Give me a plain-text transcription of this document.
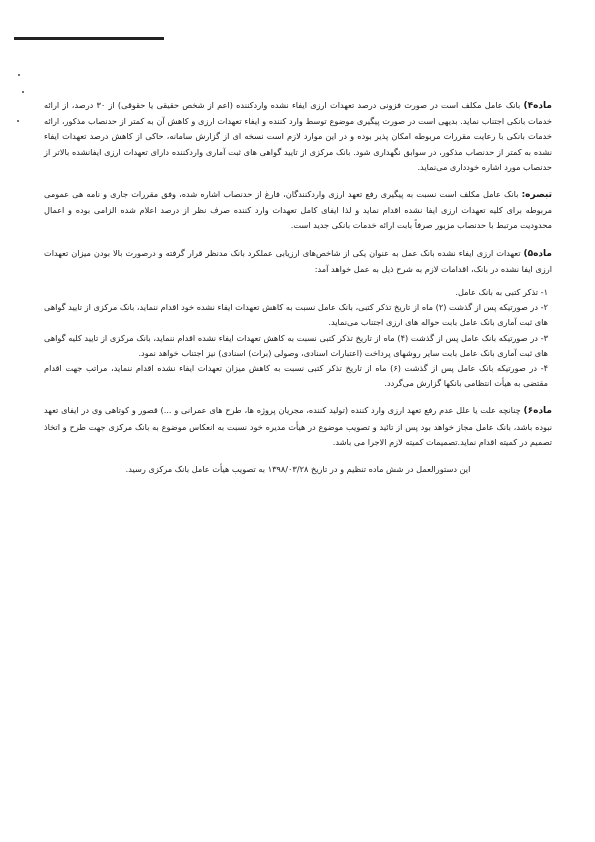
ماده۴) بانک عامل مکلف است در صورت فزونی درصد تعهدات ارزی ایفاء نشده واردکننده (اعم از شخص حقیقی یا حقوقی) از ۳۰ درصد، از ارائه خدمات بانکی اجتناب نماید. بدیهی است در صورت پیگیری موضوع توسط وارد کننده و ایفاء تعهدات ارزی و کاهش آن به کمتر از حدنصاب مذکور، ارائه خدمات بانکی با رعایت مقررات مربوطه امکان پذیر بوده و در این موارد لازم است نسخه ای از گزارش سامانه، حاکی از کاهش درصد تعهدات ایفاء نشده به کمتر از حدنصاب مذکور، در سوابق نگهداری شود. بانک مرکزی از تایید گواهی های ثبت آماری واردکننده دارای تعهدات ارزی ایفانشده بالاتر از حدنصاب مورد اشاره خودداری می‌نماید.

تبصره: بانک عامل مکلف است نسبت به پیگیری رفع تعهد ارزی واردکنندگان، فارغ از حدنصاب اشاره شده، وفق مقررات جاری و نامه هی عمومی مربوطه برای کلیه تعهدات ارزی ایفا نشده اقدام نماید و لذا ایفای کامل تعهدات وارد کننده صرف نظر از درصد اعلام شده الزامی بوده و اعمال محدودیت مرتبط با حدنصاب مزبور صرفاً بابت ارائه خدمات بانکی جدید است.

ماده۵) تعهدات ارزی ایفاء نشده بانک عمل به عنوان یکی از شاخص‌های ارزیابی عملکرد بانک مدنظر قرار گرفته و درصورت بالا بودن میزان تعهدات ارزی ایفا نشده در بانک، اقدامات لازم به شرح ذیل به عمل خواهد آمد:

۱- تذکر کتبی به بانک عامل.

۲- در صورتیکه پس از گذشت (۲) ماه از تاریخ تذکر کتبی، بانک عامل نسبت به کاهش تعهدات ایفاء نشده خود اقدام ننماید، بانک مرکزی از تایید گواهی های ثبت آماری بانک عامل بابت حواله های ارزی اجتناب می‌نماید.

۳- در صورتیکه بانک عامل پس از گذشت (۴) ماه از تاریخ تذکر کتبی نسبت به کاهش تعهدات ایفاء نشده اقدام ننماید، بانک مرکزی از تایید کلیه گواهی های ثبت آماری بانک عامل بابت سایر روشهای پرداخت (اعتبارات اسنادی، وصولی (برات) اسنادی) نیز اجتناب خواهد نمود.

۴- در صورتیکه بانک عامل پس از گذشت (۶) ماه از تاریخ تذکر کتبی نسبت به کاهش میزان تعهدات ایفاء نشده اقدام ننماید، مراتب جهت اقدام مقتضی به هیأت انتظامی بانکها گزارش می‌گردد.

ماده۶) چنانچه علت یا علل عدم رفع تعهد ارزی وارد کننده (تولید کننده، مجریان پروژه ها، طرح های عمرانی و ...) قصور و کوتاهی وی در ایفای تعهد نبوده باشد، بانک عامل مجاز خواهد بود پس از تائید و تصویب موضوع در هیأت مدیره خود نسبت به انعکاس موضوع به بانک مرکزی جهت طرح و اتخاذ تصمیم در کمیته اقدام نماید.تصمیمات کمیته لازم الاجرا می باشد.

این دستورالعمل در شش ماده تنظیم و در تاریخ ۱۳۹۸/۰۳/۲۸ به تصویب هیأت عامل بانک مرکزی رسید.
